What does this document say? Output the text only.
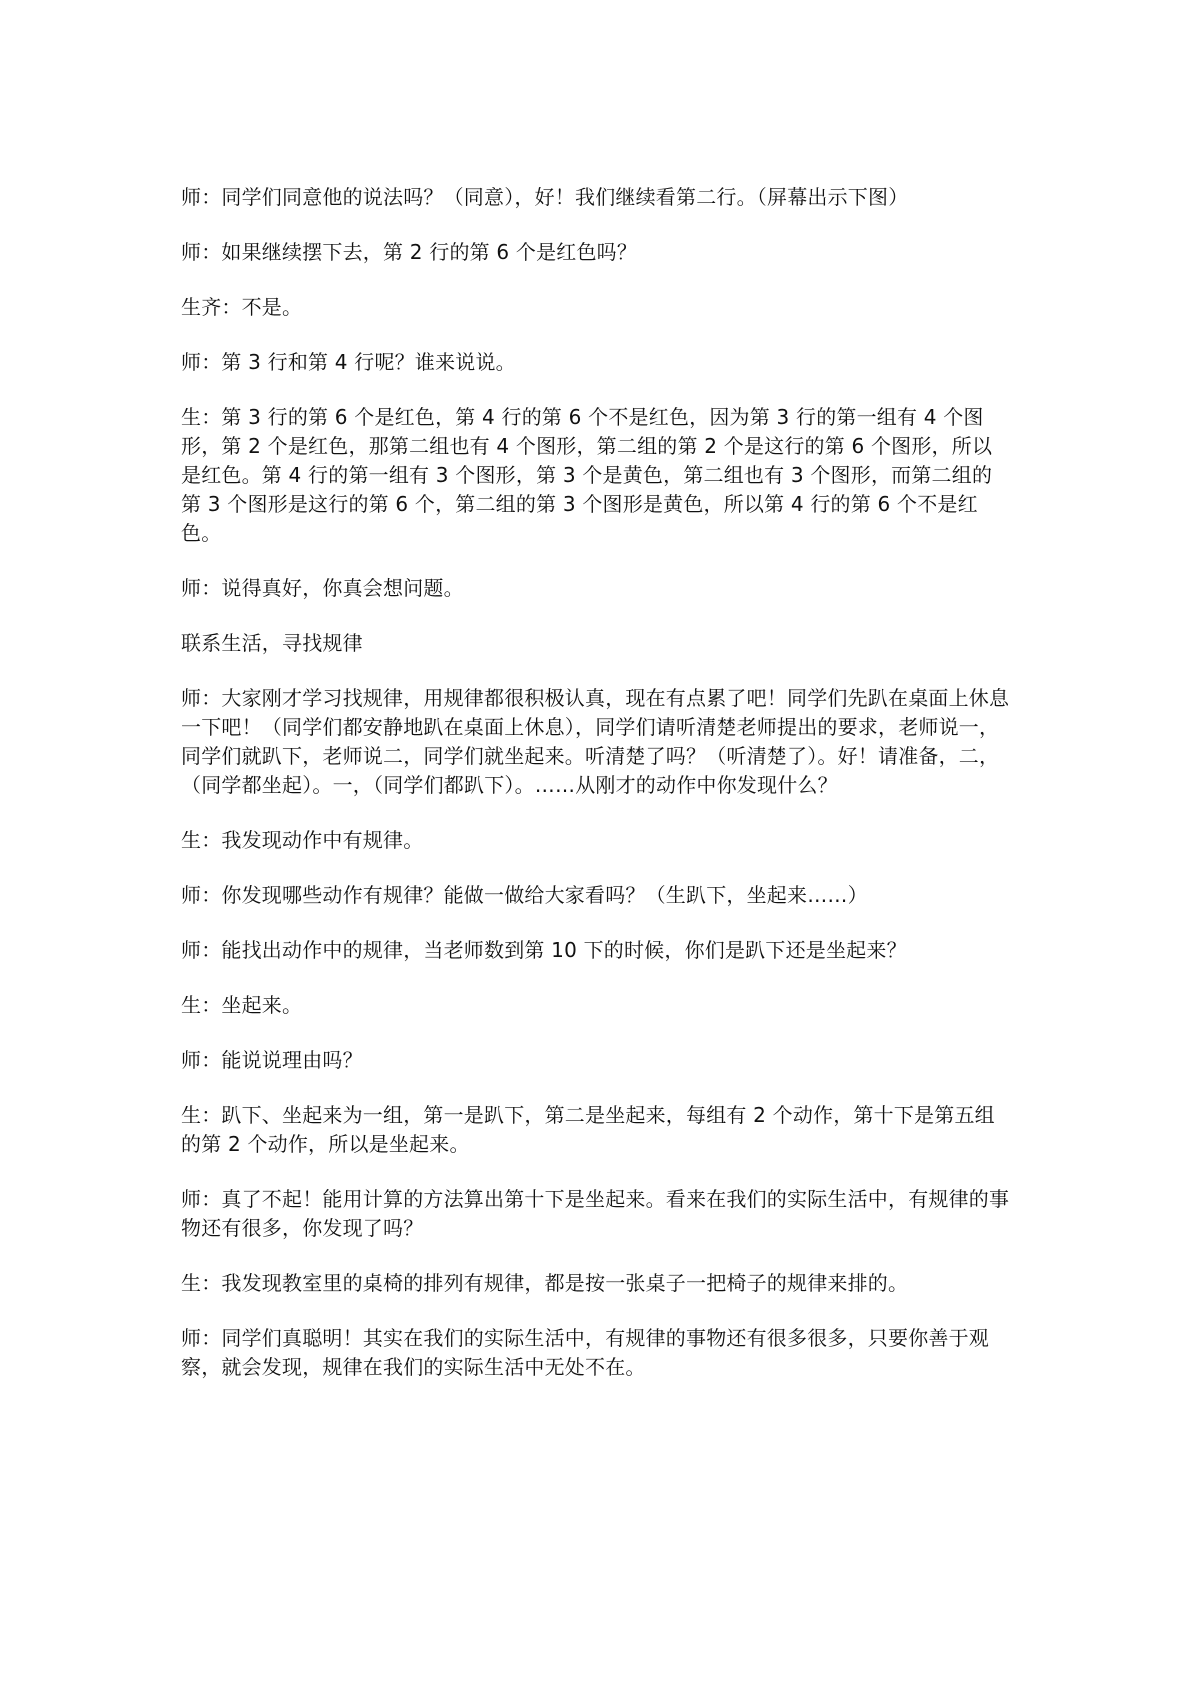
师：同学们同意他的说法吗？（同意），好！我们继续看第二行。（屏幕出示下图）

师：如果继续摆下去，第 2 行的第 6 个是红色吗？

生齐：不是。

师：第 3 行和第 4 行呢？谁来说说。

生：第 3 行的第 6 个是红色，第 4 行的第 6 个不是红色，因为第 3 行的第一组有 4 个图形，第 2 个是红色，那第二组也有 4 个图形，第二组的第 2 个是这行的第 6 个图形，所以是红色。第 4 行的第一组有 3 个图形，第 3 个是黄色，第二组也有 3 个图形，而第二组的第 3 个图形是这行的第 6 个，第二组的第 3 个图形是黄色，所以第 4 行的第 6 个不是红色。

师：说得真好，你真会想问题。

联系生活，寻找规律

师：大家刚才学习找规律，用规律都很积极认真，现在有点累了吧！同学们先趴在桌面上休息一下吧！（同学们都安静地趴在桌面上休息），同学们请听清楚老师提出的要求，老师说一，同学们就趴下，老师说二，同学们就坐起来。听清楚了吗？（听清楚了）。好！请准备，二，（同学都坐起）。一，（同学们都趴下）。……从刚才的动作中你发现什么？

生：我发现动作中有规律。

师：你发现哪些动作有规律？能做一做给大家看吗？（生趴下，坐起来……）

师：能找出动作中的规律，当老师数到第 10 下的时候，你们是趴下还是坐起来？

生：坐起来。

师：能说说理由吗？

生：趴下、坐起来为一组，第一是趴下，第二是坐起来，每组有 2 个动作，第十下是第五组的第 2 个动作，所以是坐起来。

师：真了不起！能用计算的方法算出第十下是坐起来。看来在我们的实际生活中，有规律的事物还有很多，你发现了吗？

生：我发现教室里的桌椅的排列有规律，都是按一张桌子一把椅子的规律来排的。

师：同学们真聪明！其实在我们的实际生活中，有规律的事物还有很多很多，只要你善于观察，就会发现，规律在我们的实际生活中无处不在。
